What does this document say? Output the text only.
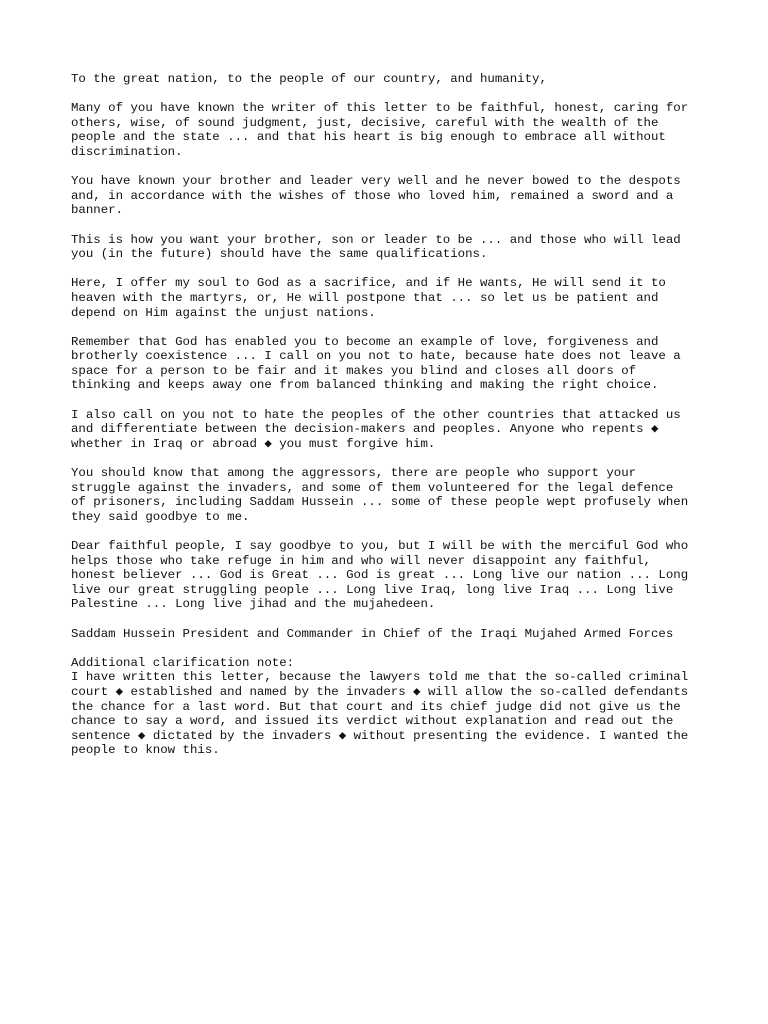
To the great nation, to the people of our country, and humanity,

Many of you have known the writer of this letter to be faithful, honest, caring for
others, wise, of sound judgment, just, decisive, careful with the wealth of the
people and the state ... and that his heart is big enough to embrace all without
discrimination.

You have known your brother and leader very well and he never bowed to the despots
and, in accordance with the wishes of those who loved him, remained a sword and a
banner.

This is how you want your brother, son or leader to be ... and those who will lead
you (in the future) should have the same qualifications.

Here, I offer my soul to God as a sacrifice, and if He wants, He will send it to
heaven with the martyrs, or, He will postpone that ... so let us be patient and
depend on Him against the unjust nations.

Remember that God has enabled you to become an example of love, forgiveness and
brotherly coexistence ... I call on you not to hate, because hate does not leave a
space for a person to be fair and it makes you blind and closes all doors of
thinking and keeps away one from balanced thinking and making the right choice.

I also call on you not to hate the peoples of the other countries that attacked us
and differentiate between the decision-makers and peoples. Anyone who repents ◆
whether in Iraq or abroad ◆ you must forgive him.

You should know that among the aggressors, there are people who support your
struggle against the invaders, and some of them volunteered for the legal defence
of prisoners, including Saddam Hussein ... some of these people wept profusely when
they said goodbye to me.

Dear faithful people, I say goodbye to you, but I will be with the merciful God who
helps those who take refuge in him and who will never disappoint any faithful,
honest believer ... God is Great ... God is great ... Long live our nation ... Long
live our great struggling people ... Long live Iraq, long live Iraq ... Long live
Palestine ... Long live jihad and the mujahedeen.

Saddam Hussein President and Commander in Chief of the Iraqi Mujahed Armed Forces

Additional clarification note:
I have written this letter, because the lawyers told me that the so-called criminal
court ◆ established and named by the invaders ◆ will allow the so-called defendants
the chance for a last word. But that court and its chief judge did not give us the
chance to say a word, and issued its verdict without explanation and read out the
sentence ◆ dictated by the invaders ◆ without presenting the evidence. I wanted the
people to know this.
